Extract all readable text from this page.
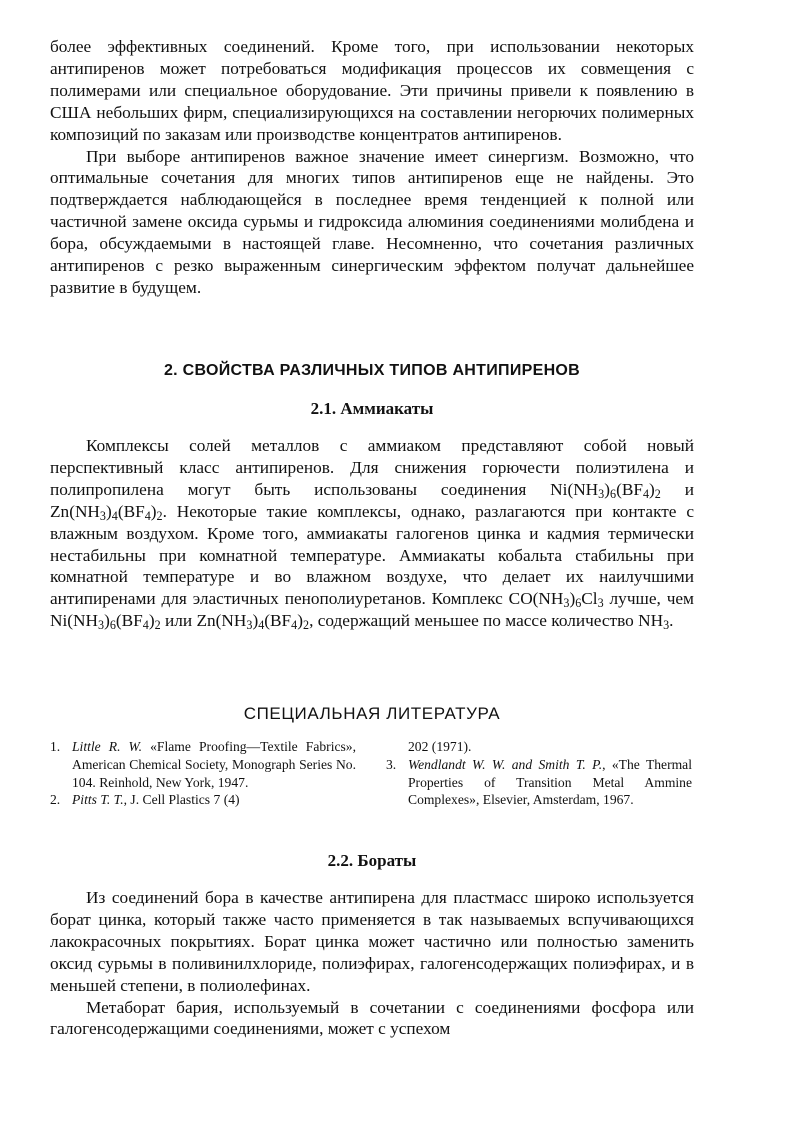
более эффективных соединений. Кроме того, при использовании некоторых антипиренов может потребоваться модификация процессов их совмещения с полимерами или специальное оборудование. Эти причины привели к появлению в США небольших фирм, специализирующихся на составлении негорючих полимерных композиций по заказам или производстве концентратов антипиренов.

При выборе антипиренов важное значение имеет синергизм. Возможно, что оптимальные сочетания для многих типов антипиренов еще не найдены. Это подтверждается наблюдающейся в последнее время тенденцией к полной или частичной замене оксида сурьмы и гидроксида алюминия соединениями молибдена и бора, обсуждаемыми в настоящей главе. Несомненно, что сочетания различных антипиренов с резко выраженным синергическим эффектом получат дальнейшее развитие в будущем.

2. СВОЙСТВА РАЗЛИЧНЫХ ТИПОВ АНТИПИРЕНОВ
2.1. Аммиакаты

Комплексы солей металлов с аммиаком представляют собой новый перспективный класс антипиренов. Для снижения горючести полиэтилена и полипропилена могут быть использованы соединения $Ni(NH_3)_6(BF_4)_2$ и $Zn(NH_3)_4(BF_4)_2$. Некоторые такие комплексы, однако, разлагаются при контакте с влажным воздухом. Кроме того, аммиакаты галогенов цинка и кадмия термически нестабильны при комнатной температуре. Аммиакаты кобальта стабильны при комнатной температуре и во влажном воздухе, что делает их наилучшими антипиренами для эластичных пенополиуретанов. Комплекс $CO(NH_3)_6Cl_3$ лучше, чем $Ni(NH_3)_6(BF_4)_2$ или $Zn(NH_3)_4(BF_4)_2$, содержащий меньшее по массе количество $NH_3$.

СПЕЦИАЛЬНАЯ ЛИТЕРАТУРА

1. Little R. W. «Flame Proofing—Textile Fabrics», American Chemical Society, Monograph Series No. 104. Reinhold, New York, 1947.

2. Pitts T. T., J. Cell Plastics 7 (4)

202 (1971).

3. Wendlandt W. W. and Smith T. P., «The Thermal Properties of Transition Metal Ammine Complexes», Elsevier, Amsterdam, 1967.

2.2. Бораты

Из соединений бора в качестве антипирена для пластмасс широко используется борат цинка, который также часто применяется в так называемых вспучивающихся лакокрасочных покрытиях. Борат цинка может частично или полностью заменить оксид сурьмы в поливинилхлориде, полиэфирах, галогенсодержащих полиэфирах, и в меньшей степени, в полиолефинах.

Метаборат бария, используемый в сочетании с соединениями фосфора или галогенсодержащими соединениями, может с успехом
